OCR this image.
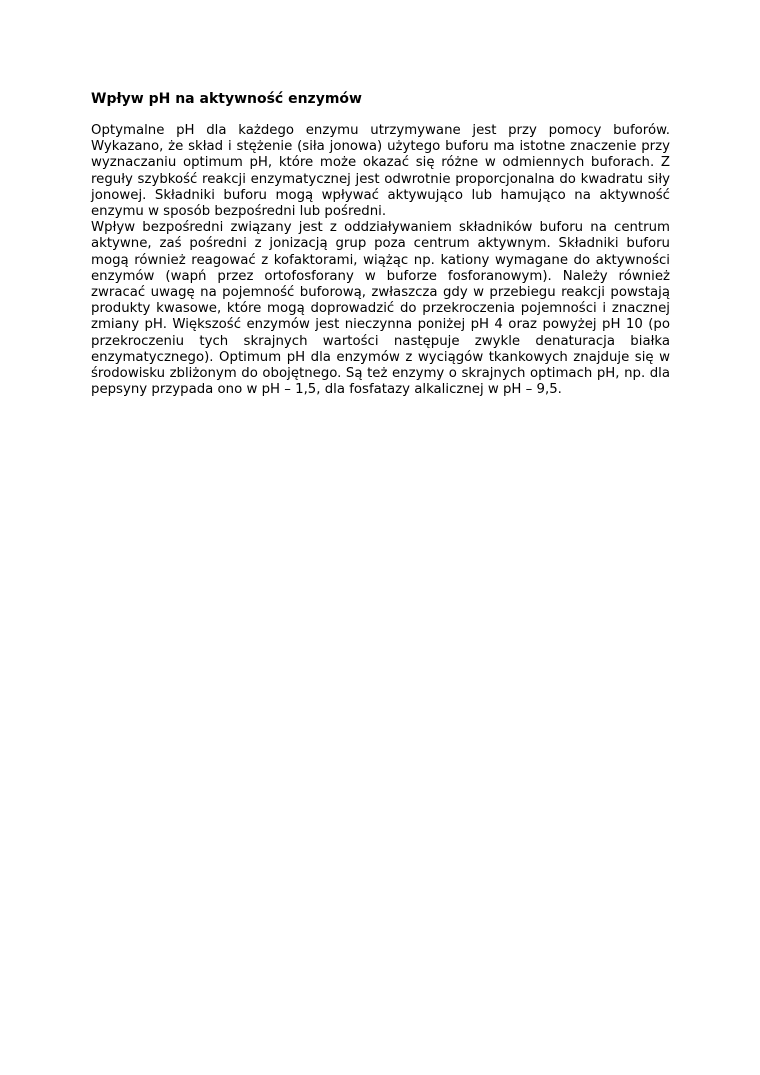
Wpływ pH na aktywność enzymów

Optymalne pH dla każdego enzymu utrzymywane jest przy pomocy buforów. Wykazano, że skład i stężenie (siła jonowa) użytego buforu ma istotne znaczenie przy wyznaczaniu optimum pH, które może okazać się różne w odmiennych buforach. Z reguły szybkość reakcji enzymatycznej jest odwrotnie proporcjonalna do kwadratu siły jonowej. Składniki buforu mogą wpływać aktywująco lub hamująco na aktywność enzymu w sposób bezpośredni lub pośredni.

Wpływ bezpośredni związany jest z oddziaływaniem składników buforu na centrum aktywne, zaś pośredni z jonizacją grup poza centrum aktywnym. Składniki buforu mogą również reagować z kofaktorami, wiążąc np. kationy wymagane do aktywności enzymów (wapń przez ortofosforany w buforze fosforanowym). Należy również zwracać uwagę na pojemność buforową, zwłaszcza gdy w przebiegu reakcji powstają produkty kwasowe, które mogą doprowadzić do przekroczenia pojemności i znacznej zmiany pH. Większość enzymów jest nieczynna poniżej pH 4 oraz powyżej pH 10 (po przekroczeniu tych skrajnych wartości następuje zwykle denaturacja białka enzymatycznego). Optimum pH dla enzymów z wyciągów tkankowych znajduje się w środowisku zbliżonym do obojętnego. Są też enzymy o skrajnych optimach pH, np. dla pepsyny przypada ono w pH – 1,5, dla fosfatazy alkalicznej w pH – 9,5.
